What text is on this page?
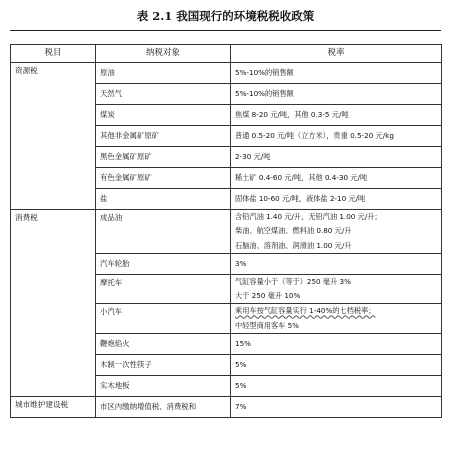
表 2.1 我国现行的环境税税收政策
税目	纳税对象	税率
资源税	原油	5%-10%的销售额
	天然气	5%-10%的销售额
	煤炭	焦煤 8-20 元/吨，其他 0.3-5 元/吨
	其他非金属矿原矿	普通 0.5-20 元/吨（立方米），贵重 0.5-20 元/kg
	黑色金属矿原矿	2-30 元/吨
	有色金属矿原矿	稀土矿 0.4-60 元/吨，其他 0.4-30 元/吨
	盐	固体盐 10-60 元/吨，液体盐 2-10 元/吨
消费税	成品油	含铅汽油 1.40 元/升，无铅汽油 1.00 元/升；
柴油、航空煤油、燃料油 0.80 元/升
石脑油、溶剂油、润滑油 1.00 元/升

	汽车轮胎	3%
	摩托车	气缸容量小于（等于）250 毫升 3%
大于 250 毫升 10%

	小汽车	乘用车按气缸容量实行 1-40%的七档税率；
中轻型商用客车 5%

	鞭炮焰火	15%
	木制一次性筷子	5%
	实木地板	5%
城市维护建设税	市区内缴纳增值税、消费税和	7%
